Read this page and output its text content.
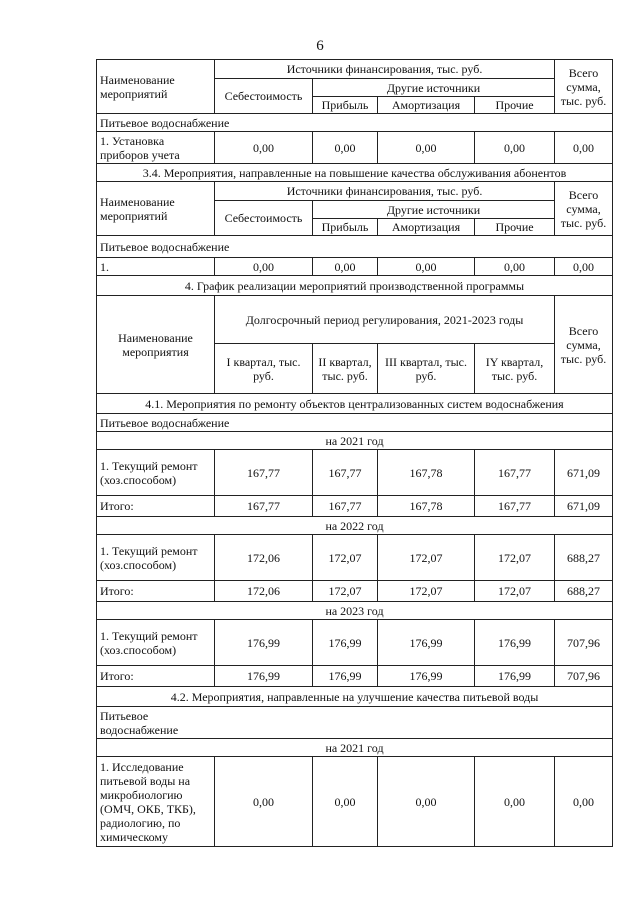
6
Наименование мероприятий	Источники финансирования, тыс. руб.				Всего сумма, тыс. руб.
	Себестоимость	Другие источники			
		Прибыль	Амортизация	Прочие	
Питьевое водоснабжение					
1. Установка приборов учета	0,00	0,00	0,00	0,00	0,00
3.4. Мероприятия, направленные на повышение качества обслуживания абонентов					
Наименование мероприятий	Источники финансирования, тыс. руб.				Всего сумма, тыс. руб.
	Себестоимость	Другие источники			
		Прибыль	Амортизация	Прочие	
Питьевое водоснабжение					
1.	0,00	0,00	0,00	0,00	0,00
4. График реализации мероприятий производственной программы					
Наименование мероприятия	Долгосрочный период регулирования, 2021-2023 годы				Всего сумма, тыс. руб.
	I квартал, тыс. руб.	II квартал, тыс. руб.	III квартал, тыс. руб.	IY квартал, тыс. руб.	
4.1. Мероприятия по ремонту объектов централизованных систем водоснабжения					
Питьевое водоснабжение					
на 2021 год					
1. Текущий ремонт (хоз.способом)	167,77	167,77	167,78	167,77	671,09
Итого:	167,77	167,77	167,78	167,77	671,09
на 2022 год					
1. Текущий ремонт (хоз.способом)	172,06	172,07	172,07	172,07	688,27
Итого:	172,06	172,07	172,07	172,07	688,27
на 2023 год					
1. Текущий ремонт (хоз.способом)	176,99	176,99	176,99	176,99	707,96
Итого:	176,99	176,99	176,99	176,99	707,96
4.2. Мероприятия, направленные на улучшение качества питьевой воды					

Питьевое водоснабжение					

на 2021 год					
1. Исследование питьевой воды на микробиологию (ОМЧ, ОКБ, ТКБ), радиологию, по химическому	0,00	0,00	0,00	0,00	0,00
